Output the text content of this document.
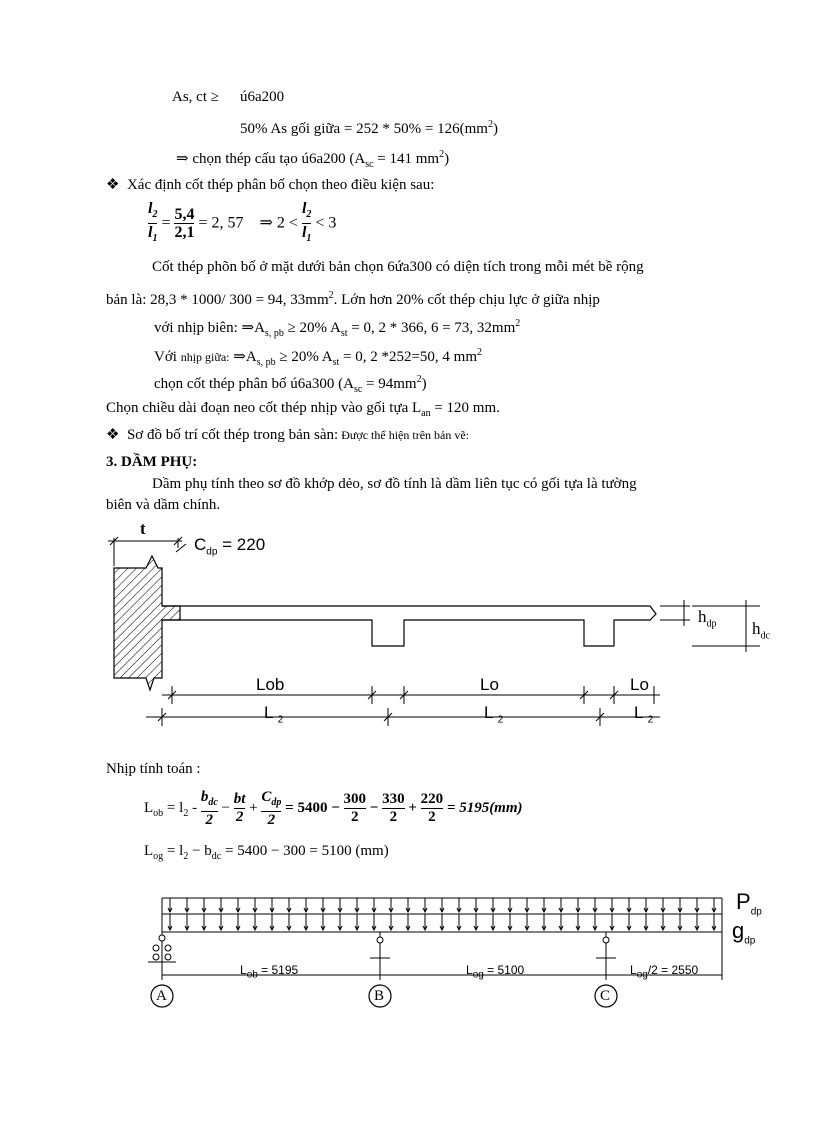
As, ct ≥ ú6a200
50% As gối giữa = $252 * 50\% = 126(mm^2)$
⇒ chọn thép cấu tạo ú6a200 ($A_{sc} = 141$ $mm^2$)
❖ Xác định cốt thép phân bố chọn theo điều kiện sau:
$\frac{l_2}{l_1} = \frac{5,4}{2,1} = 2$, 57 ⇒ $2 < \frac{l_2}{l_1} < 3$
Cốt thép phõn bố ở mặt dưới bản chọn 6ứa300 có diện tích trong mỗi mét bề rộng
bản là: 28,3 * 1000/ 300 = 94, $33mm^2$. Lớn hơn 20% cốt thép chịu lực ở giữa nhịp
với nhịp biên: $\Rightarrow A_{s, pb} \ge 20\%$ $A_{st} = 0$, 2 * 366, 6 = 73, $32mm^2$
Với nhịp giữa: $\Rightarrow A_{s, pb} \ge 20\%$ $A_{st} = 0$, 2 *252=50, 4 $mm^2$
chọn cốt thép phân bố ú6a300 $(A_{sc} = 94mm^2)$
Chọn chiều dài đoạn neo cốt thép nhịp vào gối tựa $L_{an} = 120$ mm.
❖ Sơ đồ bố trí cốt thép trong bản sàn: Được thể hiện trên bản vẽ:
3. DẦM PHỤ:
Dầm phụ tính theo sơ đồ khớp dẻo, sơ đồ tính là dầm liên tục có gối tựa là tường
biên và dầm chính.
t
$C_{dp} = 220$
$h_{dp}$ $h_{dc}$
Lob	Lo	Lo
L $_2$	L $_2$	L $_2$
Nhịp tính toán :
$L_{ob} = l_2 - \frac{b_{dc}}{2} - \frac{bt}{2} + \frac{C_{dp}}{2} = 5400 - \frac{300}{2} - \frac{330}{2} + \frac{220}{2} = 5195(mm)$
$L_{og} = l_2 - b_{dc} = 5400 - 300 = 5100$ (mm)
$P_{dp}$
$g_{dp}$
$L_{ob} = 5195$	$L_{og} = 5100$	$L_{og}/2 = 2550$
A	B	C
